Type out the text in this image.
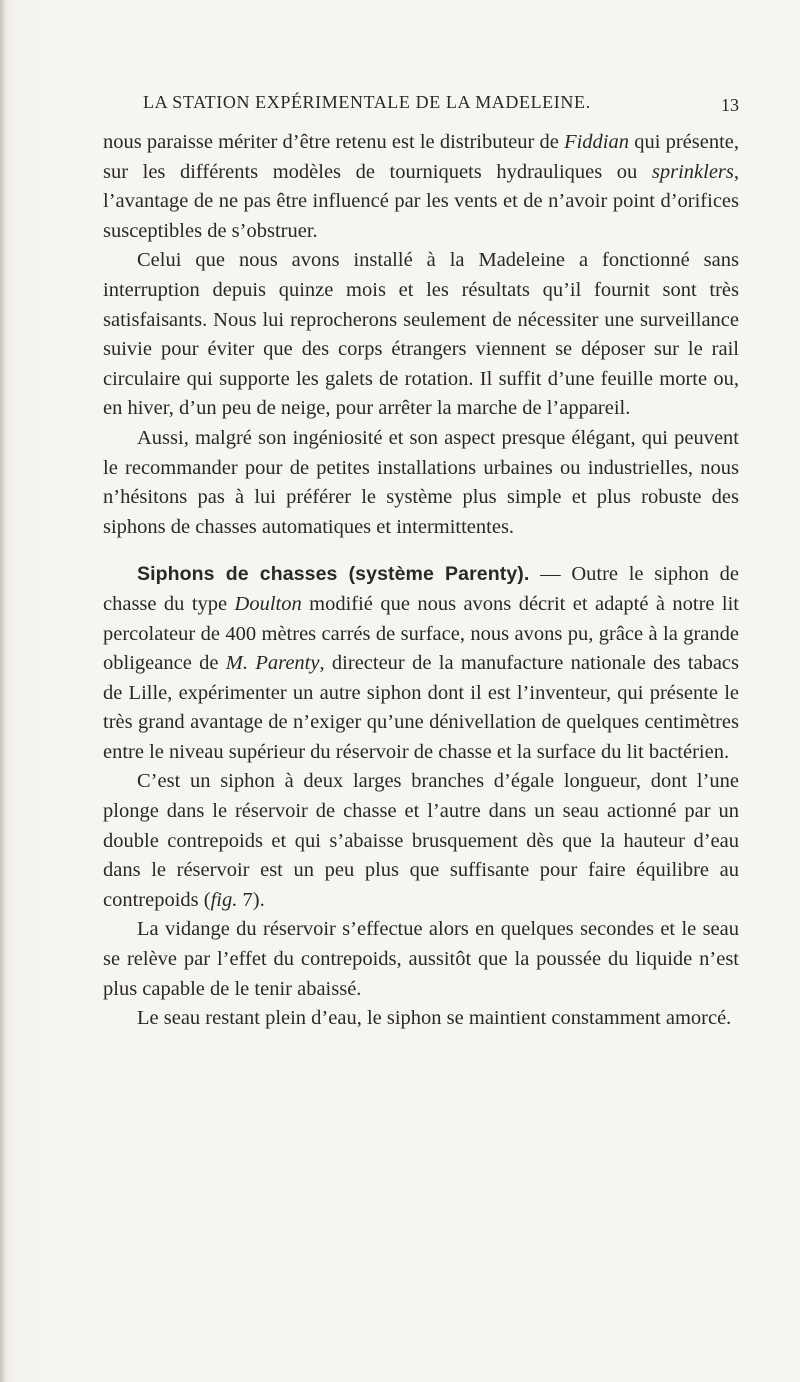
LA STATION EXPÉRIMENTALE DE LA MADELEINE.	13

nous paraisse mériter d’être retenu est le distributeur de Fiddian qui présente, sur les différents modèles de tourniquets hydrauliques ou sprinklers, l’avantage de ne pas être influencé par les vents et de n’avoir point d’orifices susceptibles de s’obstruer.

Celui que nous avons installé à la Madeleine a fonctionné sans interruption depuis quinze mois et les résultats qu’il fournit sont très satisfaisants. Nous lui reprocherons seulement de nécessiter une surveillance suivie pour éviter que des corps étrangers viennent se déposer sur le rail circulaire qui supporte les galets de rotation. Il suffit d’une feuille morte ou, en hiver, d’un peu de neige, pour arrêter la marche de l’appareil.

Aussi, malgré son ingéniosité et son aspect presque élégant, qui peuvent le recommander pour de petites installations urbaines ou industrielles, nous n’hésitons pas à lui préférer le système plus simple et plus robuste des siphons de chasses automatiques et intermittentes.

Siphons de chasses (système Parenty). — Outre le siphon de chasse du type Doulton modifié que nous avons décrit et adapté à notre lit percolateur de 400 mètres carrés de surface, nous avons pu, grâce à la grande obligeance de M. Parenty, directeur de la manufacture nationale des tabacs de Lille, expérimenter un autre siphon dont il est l’inventeur, qui présente le très grand avantage de n’exiger qu’une dénivellation de quelques centimètres entre le niveau supérieur du réservoir de chasse et la surface du lit bactérien.

C’est un siphon à deux larges branches d’égale longueur, dont l’une plonge dans le réservoir de chasse et l’autre dans un seau actionné par un double contrepoids et qui s’abaisse brusquement dès que la hauteur d’eau dans le réservoir est un peu plus que suffisante pour faire équilibre au contrepoids (fig. 7).

La vidange du réservoir s’effectue alors en quelques secondes et le seau se relève par l’effet du contrepoids, aussitôt que la poussée du liquide n’est plus capable de le tenir abaissé.

Le seau restant plein d’eau, le siphon se maintient constamment amorcé.
